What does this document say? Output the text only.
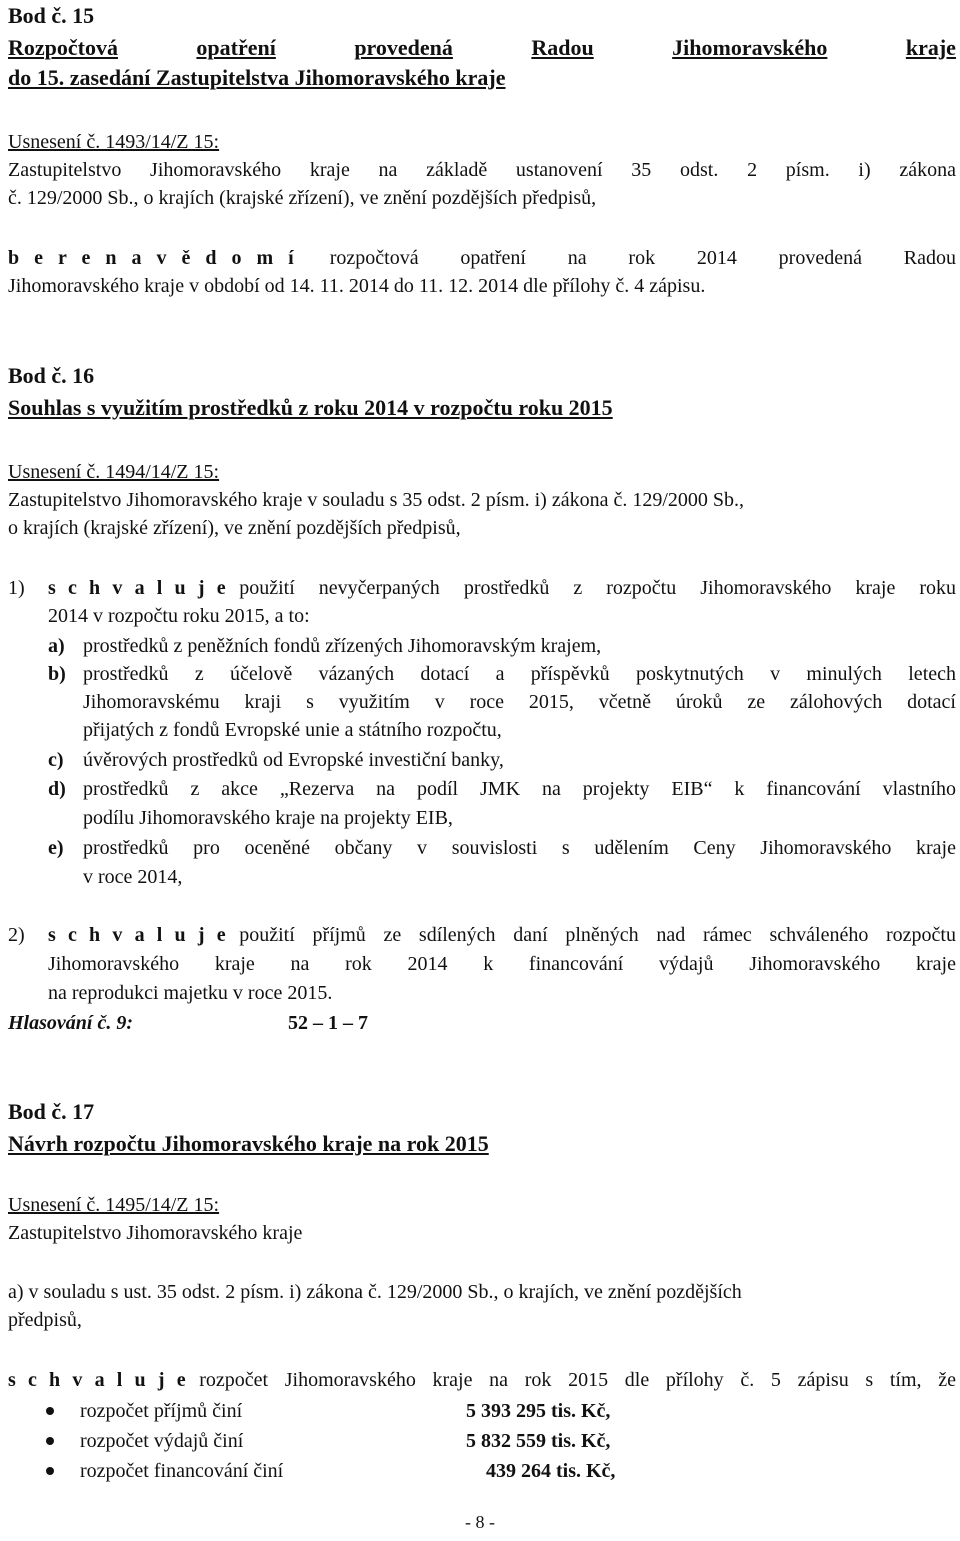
Bod č. 15
Rozpočtová	opatření	provedená	Radou	Jihomoravského	kraje
do 15. zasedání Zastupitelstva Jihomoravského kraje
Usnesení č. 1493/14/Z 15:
Zastupitelstvo Jihomoravského kraje na základě ustanovení 35 odst. 2 písm. i) zákona
č. 129/2000 Sb., o krajích (krajské zřízení), ve znění pozdějších předpisů,
b e r e n a v ě d o m í rozpočtová opatření na rok 2014 provedená Radou
Jihomoravského kraje v období od 14. 11. 2014 do 11. 12. 2014 dle přílohy č. 4 zápisu.
Bod č. 16
Souhlas s využitím prostředků z roku 2014 v rozpočtu roku 2015
Usnesení č. 1494/14/Z 15:
Zastupitelstvo Jihomoravského kraje v souladu s 35 odst. 2 písm. i) zákona č. 129/2000 Sb.,
o krajích (krajské zřízení), ve znění pozdějších předpisů,
1) s c h v a l u j e použití nevyčerpaných prostředků z rozpočtu Jihomoravského kraje roku
2014 v rozpočtu roku 2015, a to:
a) prostředků z peněžních fondů zřízených Jihomoravským krajem,
b) prostředků z účelově vázaných dotací a příspěvků poskytnutých v minulých letech
Jihomoravskému kraji s využitím v roce 2015, včetně úroků ze zálohových dotací
přijatých z fondů Evropské unie a státního rozpočtu,
c) úvěrových prostředků od Evropské investiční banky,
d) prostředků z akce „Rezerva na podíl JMK na projekty EIB“ k financování vlastního
podílu Jihomoravského kraje na projekty EIB,
e) prostředků pro oceněné občany v souvislosti s udělením Ceny Jihomoravského kraje
v roce 2014,
2) s c h v a l u j e použití příjmů ze sdílených daní plněných nad rámec schváleného rozpočtu
Jihomoravského kraje na rok 2014 k financování výdajů Jihomoravského kraje
na reprodukci majetku v roce 2015.
Hlasování č. 9:	52 – 1 – 7
Bod č. 17
Návrh rozpočtu Jihomoravského kraje na rok 2015
Usnesení č. 1495/14/Z 15:
Zastupitelstvo Jihomoravského kraje
a) v souladu s ust. 35 odst. 2 písm. i) zákona č. 129/2000 Sb., o krajích, ve znění pozdějších
předpisů,
s c h v a l u j e rozpočet Jihomoravského kraje na rok 2015 dle přílohy č. 5 zápisu s tím, že
rozpočet příjmů činí	5 393 295 tis. Kč,
rozpočet výdajů činí	5 832 559 tis. Kč,
rozpočet financování činí	439 264 tis. Kč,
- 8 -
